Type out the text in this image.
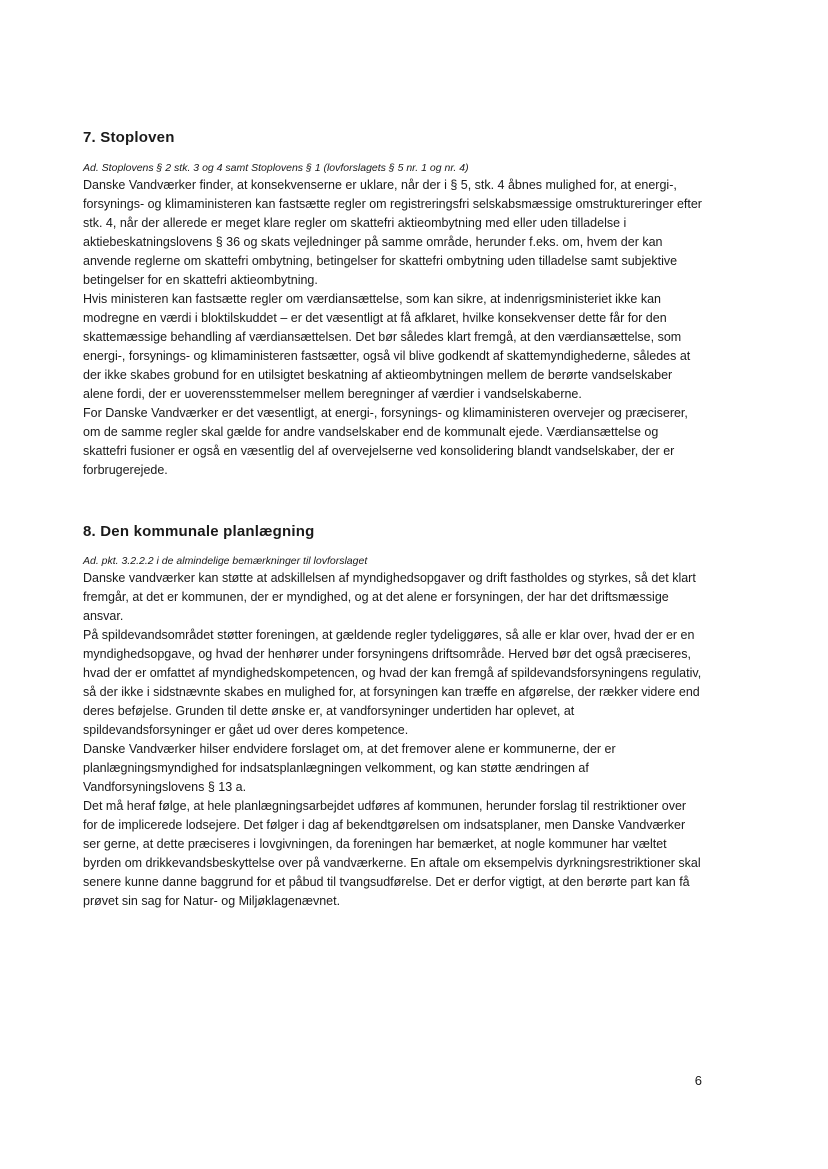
7. Stoploven

Ad. Stoplovens § 2 stk. 3 og 4 samt Stoplovens § 1 (lovforslagets § 5 nr. 1 og nr. 4)

Danske Vandværker finder, at konsekvenserne er uklare, når der i § 5, stk. 4 åbnes mulighed for, at energi-, forsynings- og klimaministeren kan fastsætte regler om registreringsfri selskabsmæssige omstruktureringer efter stk. 4, når der allerede er meget klare regler om skattefri aktieombytning med eller uden tilladelse i aktiebeskatningslovens § 36 og skats vejledninger på samme område, herunder f.eks. om, hvem der kan anvende reglerne om skattefri ombytning, betingelser for skattefri ombytning uden tilladelse samt subjektive betingelser for en skattefri aktieombytning.

Hvis ministeren kan fastsætte regler om værdiansættelse, som kan sikre, at indenrigsministeriet ikke kan modregne en værdi i bloktilskuddet – er det væsentligt at få afklaret, hvilke konsekvenser dette får for den skattemæssige behandling af værdiansættelsen. Det bør således klart fremgå, at den værdiansættelse, som energi-, forsynings- og klimaministeren fastsætter, også vil blive godkendt af skattemyndighederne, således at der ikke skabes grobund for en utilsigtet beskatning af aktieombytningen mellem de berørte vandselskaber alene fordi, der er uoverensstemmelser mellem beregninger af værdier i vandselskaberne.

For Danske Vandværker er det væsentligt, at energi-, forsynings- og klimaministeren overvejer og præciserer, om de samme regler skal gælde for andre vandselskaber end de kommunalt ejede. Værdiansættelse og skattefri fusioner er også en væsentlig del af overvejelserne ved konsolidering blandt vandselskaber, der er forbrugerejede.

8. Den kommunale planlægning

Ad. pkt. 3.2.2.2 i de almindelige bemærkninger til lovforslaget

Danske vandværker kan støtte at adskillelsen af myndighedsopgaver og drift fastholdes og styrkes, så det klart fremgår, at det er kommunen, der er myndighed, og at det alene er forsyningen, der har det driftsmæssige ansvar.

På spildevandsområdet støtter foreningen, at gældende regler tydeliggøres, så alle er klar over, hvad der er en myndighedsopgave, og hvad der henhører under forsyningens driftsområde. Herved bør det også præciseres, hvad der er omfattet af myndighedskompetencen, og hvad der kan fremgå af spildevandsforsyningens regulativ, så der ikke i sidstnævnte skabes en mulighed for, at forsyningen kan træffe en afgørelse, der rækker videre end deres beføjelse. Grunden til dette ønske er, at vandforsyninger undertiden har oplevet, at spildevandsforsyninger er gået ud over deres kompetence.

Danske Vandværker hilser endvidere forslaget om, at det fremover alene er kommunerne, der er planlægningsmyndighed for indsatsplanlægningen velkomment, og kan støtte ændringen af Vandforsyningslovens § 13 a.

Det må heraf følge, at hele planlægningsarbejdet udføres af kommunen, herunder forslag til restriktioner over for de implicerede lodsejere. Det følger i dag af bekendtgørelsen om indsatsplaner, men Danske Vandværker ser gerne, at dette præciseres i lovgivningen, da foreningen har bemærket, at nogle kommuner har væltet byrden om drikkevandsbeskyttelse over på vandværkerne. En aftale om eksempelvis dyrkningsrestriktioner skal senere kunne danne baggrund for et påbud til tvangsudførelse. Det er derfor vigtigt, at den berørte part kan få prøvet sin sag for Natur- og Miljøklagenævnet.

6
